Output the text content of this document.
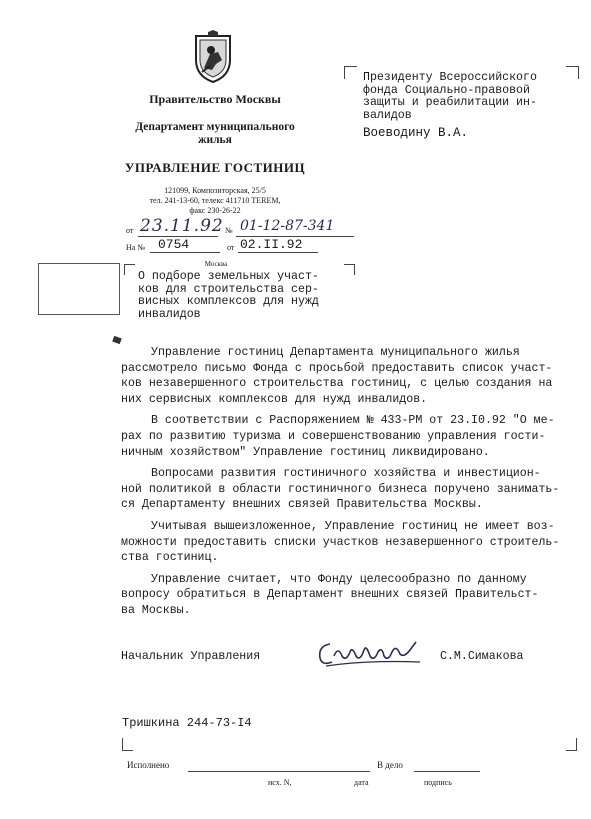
Правительство Москвы
Департамент муниципального
жилья
УПРАВЛЕНИЕ ГОСТИНИЦ
121099, Композиторская, 25/5
тел. 241-13-60, телекс 411710 TEREM,
факс 230-26-22
от 23.11.92 № 01-12-87-341
На № 0754	от 02.II.92
Москва
О подборе земельных участ-
ков для строительства сер-
висных комплексов для нужд
инвалидов
Президенту Всероссийского
фонда Социально-правовой
защиты и реабилитации ин-
валидов
Воеводину В.А.
Управление гостиниц Департамента муниципального жилья
рассмотрело письмо Фонда с просьбой предоставить список участ-
ков незавершенного строительства гостиниц, с целью создания на
них сервисных комплексов для нужд инвалидов.
В соответствии с Распоряжением № 433-РМ от 23.I0.92 "О ме-
рах по развитию туризма и совершенствованию управления гости-
ничным хозяйством" Управление гостиниц ликвидировано.
Вопросами развития гостиничного хозяйства и инвестицион-
ной политикой в области гостиничного бизнеса поручено занимать-
ся Департаменту внешних связей Правительства Москвы.
Учитывая вышеизложенное, Управление гостиниц не имеет воз-
можности предоставить списки участков незавершенного строитель-
ства гостиниц.
Управление считает, что Фонду целесообразно по данному
вопросу обратиться в Департамент внешних связей Правительст-
ва Москвы.
Начальник Управления	С.М.Симакова
Тришкина 244-73-I4
Исполнено	В дело
исх. N,	дата	подпись
